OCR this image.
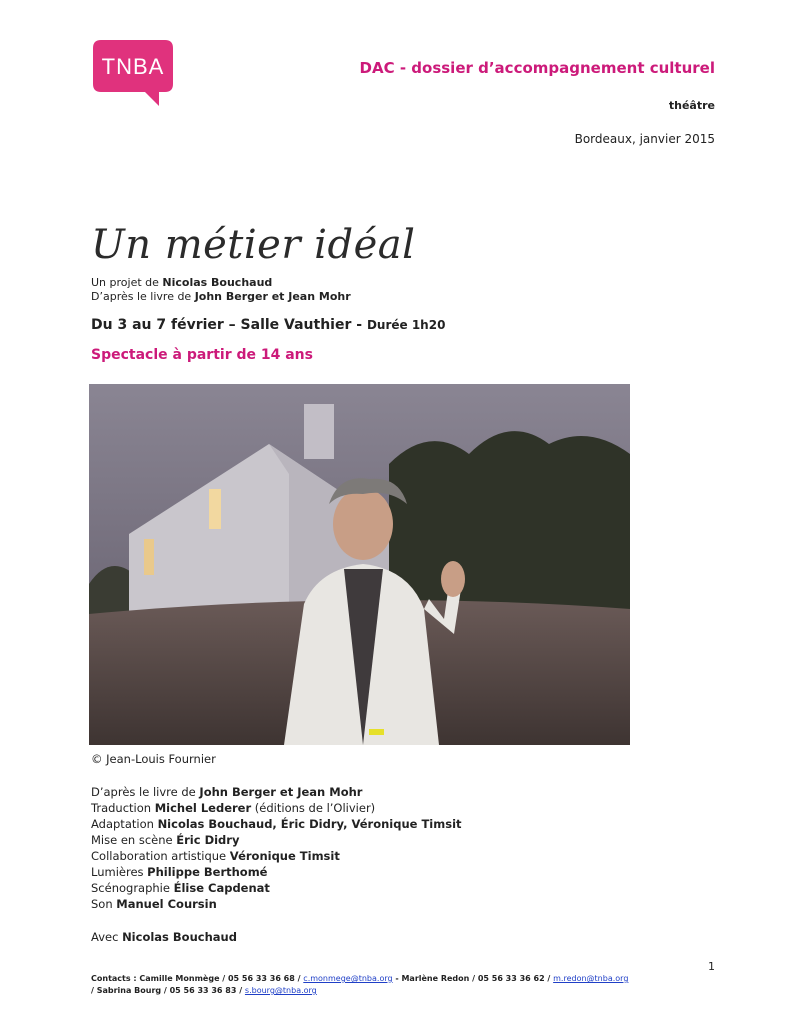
TNBA	DAC - dossier d’accompagnement culturel
théâtre
Bordeaux, janvier 2015
Un métier idéal
Un projet de Nicolas Bouchaud
D’après le livre de John Berger et Jean Mohr
Du 3 au 7 février – Salle Vauthier - Durée 1h20
Spectacle à partir de 14 ans
© Jean-Louis Fournier
D’après le livre de John Berger et Jean Mohr
Traduction Michel Lederer (éditions de l’Olivier)
Adaptation Nicolas Bouchaud, Éric Didry, Véronique Timsit
Mise en scène Éric Didry
Collaboration artistique Véronique Timsit
Lumières Philippe Berthomé
Scénographie Élise Capdenat
Son Manuel Coursin
Avec Nicolas Bouchaud
1
Contacts : Camille Monmège / 05 56 33 36 68 / c.monmege@tnba.org - Marlène Redon / 05 56 33 36 62 / m.redon@tnba.org
/ Sabrina Bourg / 05 56 33 36 83 / s.bourg@tnba.org
